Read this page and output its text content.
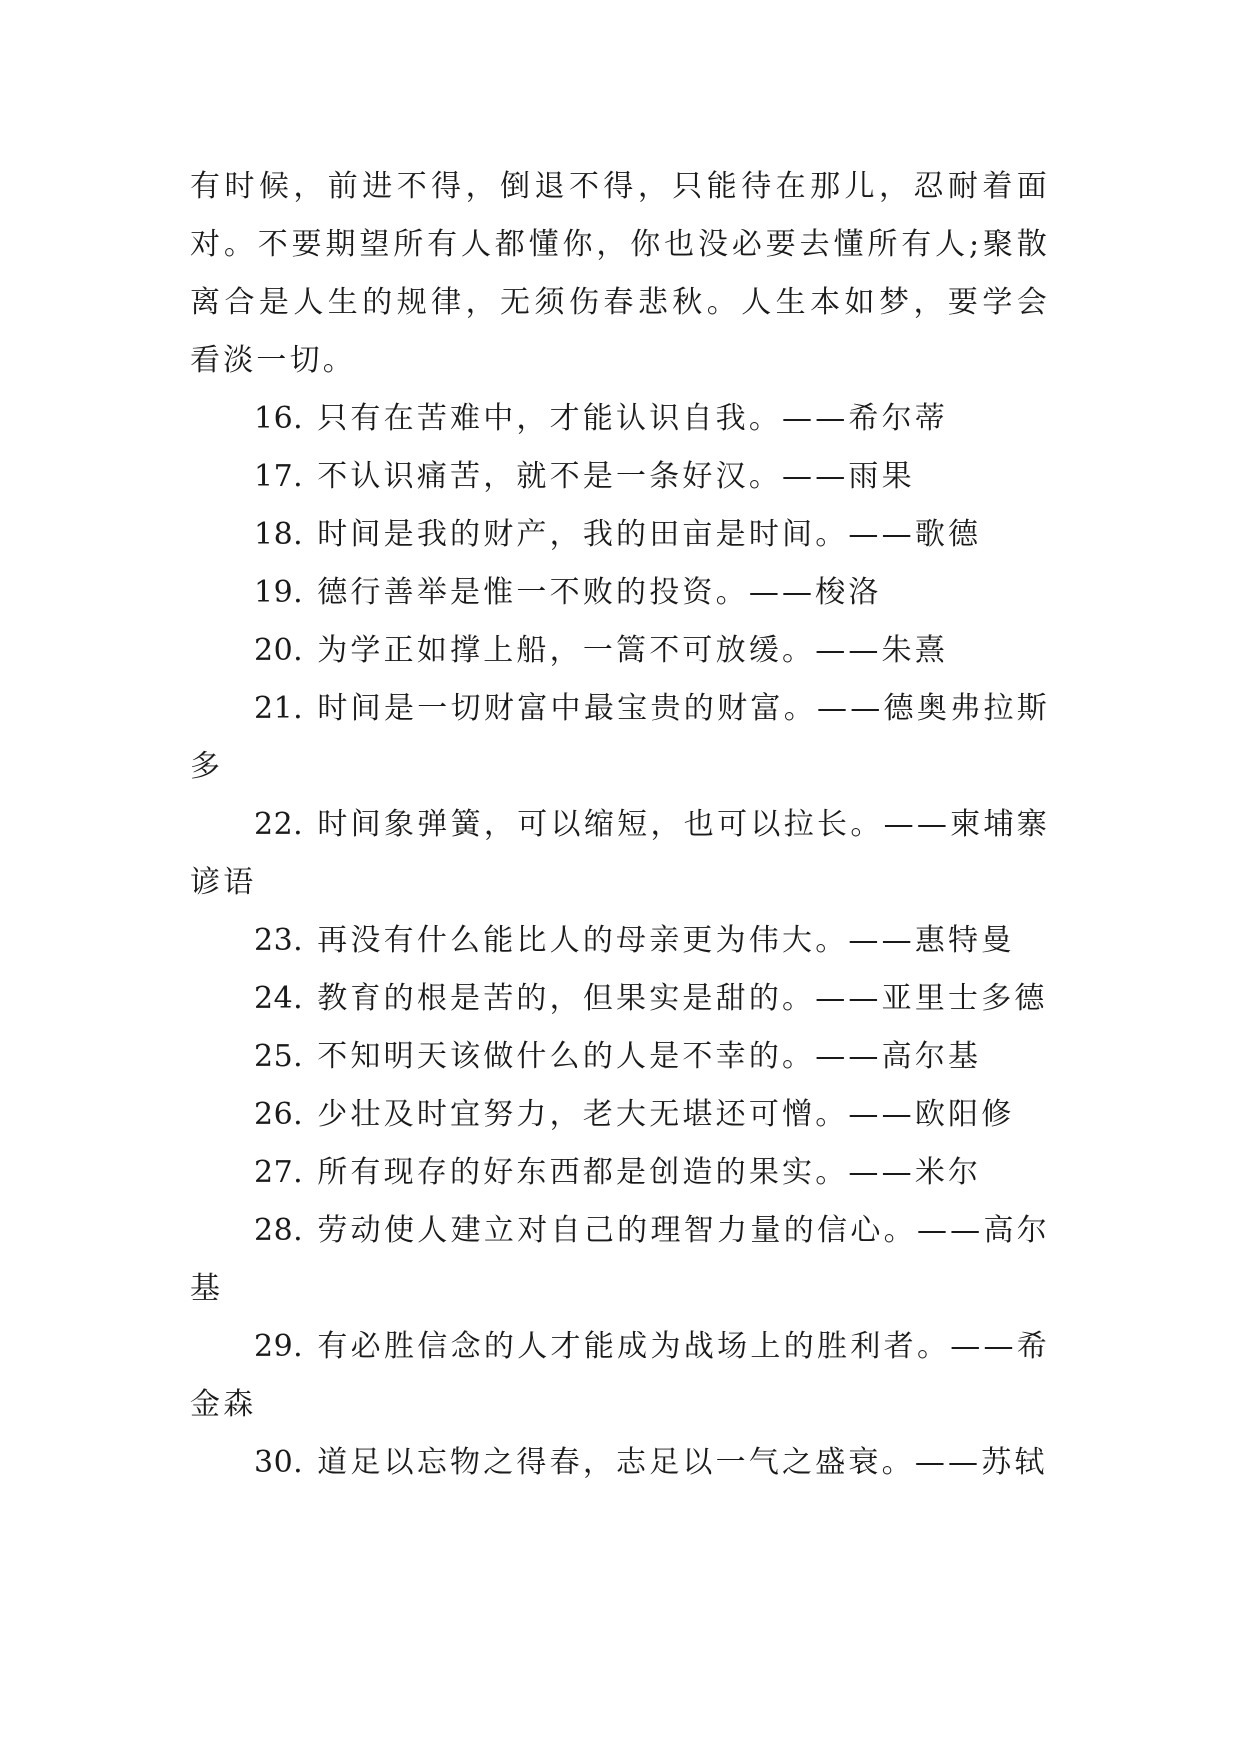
有时候，前进不得，倒退不得，只能待在那儿，忍耐着面对。不要期望所有人都懂你，你也没必要去懂所有人;聚散离合是人生的规律，无须伤春悲秋。人生本如梦，要学会看淡一切。

16. 只有在苦难中，才能认识自我。——希尔蒂

17. 不认识痛苦，就不是一条好汉。——雨果

18. 时间是我的财产，我的田亩是时间。——歌德

19. 德行善举是惟一不败的投资。——梭洛

20. 为学正如撑上船，一篙不可放缓。——朱熹

21. 时间是一切财富中最宝贵的财富。——德奥弗拉斯多

22. 时间象弹簧，可以缩短，也可以拉长。——柬埔寨谚语

23. 再没有什么能比人的母亲更为伟大。——惠特曼

24. 教育的根是苦的，但果实是甜的。——亚里士多德

25. 不知明天该做什么的人是不幸的。——高尔基

26. 少壮及时宜努力，老大无堪还可憎。——欧阳修

27. 所有现存的好东西都是创造的果实。——米尔

28. 劳动使人建立对自己的理智力量的信心。——高尔基

29. 有必胜信念的人才能成为战场上的胜利者。——希金森

30. 道足以忘物之得春，志足以一气之盛衰。——苏轼
